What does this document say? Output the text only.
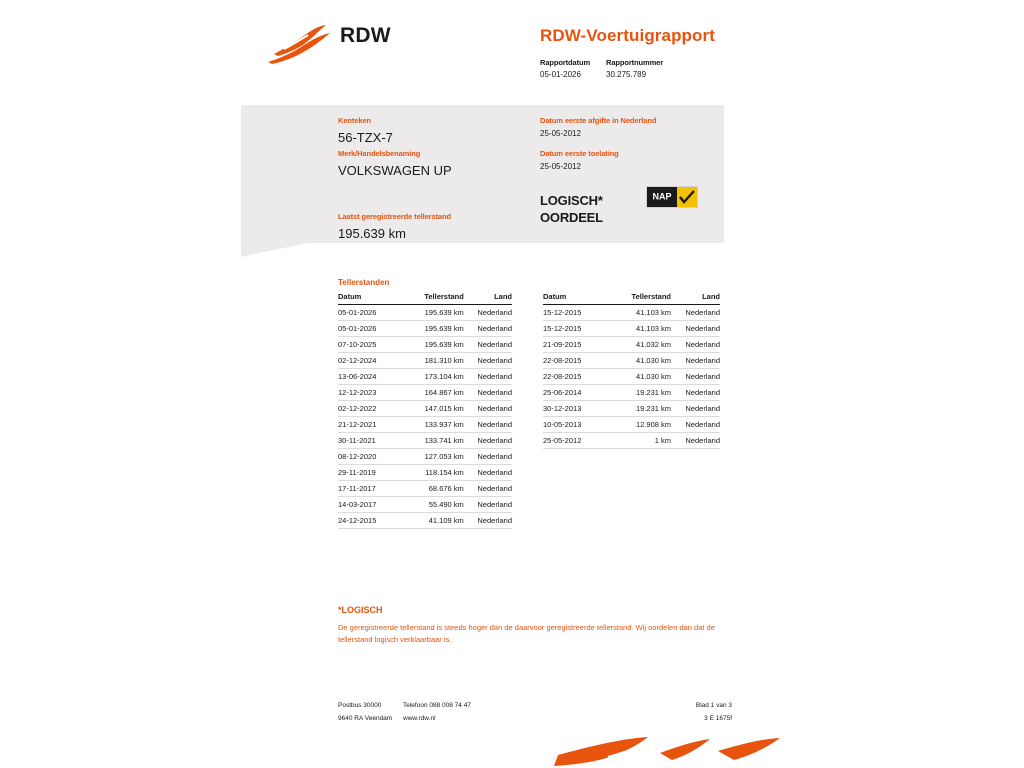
RDW	RDW-Voertuigrapport
Rapportdatum
05-01-2026
Rapportnummer
30.275.789
Kenteken
56-TZX-7
Merk/Handelsbenaming
VOLKSWAGEN UP
Laatst geregistreerde tellerstand
195.639 km
Datum eerste afgifte in Nederland
25-05-2012
Datum eerste toelating
25-05-2012
LOGISCH*
OORDEEL
NAP
Tellerstanden
Datum	Tellerstand	Land
05-01-2026	195.639 km	Nederland
05-01-2026	195.639 km	Nederland
07-10-2025	195.639 km	Nederland
02-12-2024	181.310 km	Nederland
13-06-2024	173.104 km	Nederland
12-12-2023	164.867 km	Nederland
02-12-2022	147.015 km	Nederland
21-12-2021	133.937 km	Nederland
30-11-2021	133.741 km	Nederland
08-12-2020	127.053 km	Nederland
29-11-2019	118.154 km	Nederland
17-11-2017	68.676 km	Nederland
14-03-2017	55.490 km	Nederland
24-12-2015	41.109 km	Nederland
Datum	Tellerstand	Land
15-12-2015	41.103 km	Nederland
15-12-2015	41.103 km	Nederland
21-09-2015	41.032 km	Nederland
22-08-2015	41.030 km	Nederland
22-08-2015	41.030 km	Nederland
25-06-2014	19.231 km	Nederland
30-12-2013	19.231 km	Nederland
10-05-2013	12.908 km	Nederland
25-05-2012	1 km	Nederland
*LOGISCH
De geregistreerde tellerstand is steeds hoger dan de daarvoor geregistreerde tellerstand. Wij oordelen dan dat de tellerstand logisch verklaarbaar is.
Postbus 30000	Telefoon 088 008 74 47
9640 RA Veendam	www.rdw.nl
Blad 1 van 3
3 E 1675f
